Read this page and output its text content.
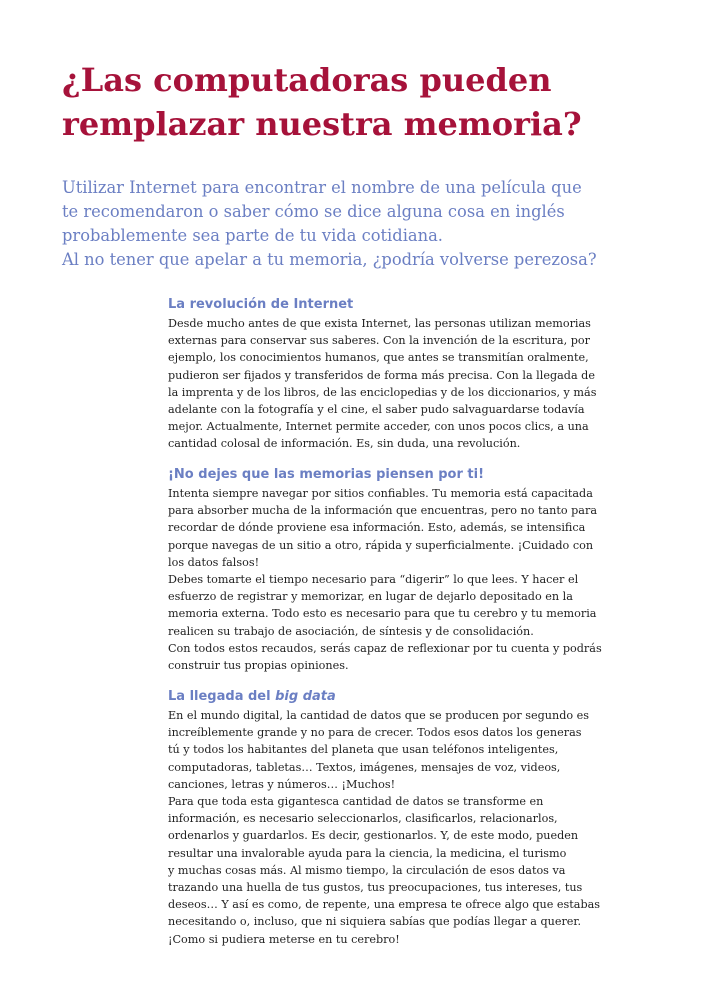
¿Las computadoras pueden
remplazar nuestra memoria?

Utilizar Internet para encontrar el nombre de una película que
te recomendaron o saber cómo se dice alguna cosa en inglés
probablemente sea parte de tu vida cotidiana.
Al no tener que apelar a tu memoria, ¿podría volverse perezosa?

La revolución de Internet
Desde mucho antes de que exista Internet, las personas utilizan memorias
externas para conservar sus saberes. Con la invención de la escritura, por
ejemplo, los conocimientos humanos, que antes se transmitían oralmente,
pudieron ser fijados y transferidos de forma más precisa. Con la llegada de
la imprenta y de los libros, de las enciclopedias y de los diccionarios, y más
adelante con la fotografía y el cine, el saber pudo salvaguardarse todavía
mejor. Actualmente, Internet permite acceder, con unos pocos clics, a una
cantidad colosal de información. Es, sin duda, una revolución.
¡No dejes que las memorias piensen por ti!
Intenta siempre navegar por sitios confiables. Tu memoria está capacitada
para absorber mucha de la información que encuentras, pero no tanto para
recordar de dónde proviene esa información. Esto, además, se intensifica
porque navegas de un sitio a otro, rápida y superficialmente. ¡Cuidado con
los datos falsos!
Debes tomarte el tiempo necesario para “digerir” lo que lees. Y hacer el
esfuerzo de registrar y memorizar, en lugar de dejarlo depositado en la
memoria externa. Todo esto es necesario para que tu cerebro y tu memoria
realicen su trabajo de asociación, de síntesis y de consolidación.
Con todos estos recaudos, serás capaz de reflexionar por tu cuenta y podrás
construir tus propias opiniones.
La llegada del big data
En el mundo digital, la cantidad de datos que se producen por segundo es
increíblemente grande y no para de crecer. Todos esos datos los generas
tú y todos los habitantes del planeta que usan teléfonos inteligentes,
computadoras, tabletas… Textos, imágenes, mensajes de voz, videos,
canciones, letras y números… ¡Muchos!
Para que toda esta gigantesca cantidad de datos se transforme en
información, es necesario seleccionarlos, clasificarlos, relacionarlos,
ordenarlos y guardarlos. Es decir, gestionarlos. Y, de este modo, pueden
resultar una invalorable ayuda para la ciencia, la medicina, el turismo
y muchas cosas más. Al mismo tiempo, la circulación de esos datos va
trazando una huella de tus gustos, tus preocupaciones, tus intereses, tus
deseos… Y así es como, de repente, una empresa te ofrece algo que estabas
necesitando o, incluso, que ni siquiera sabías que podías llegar a querer.
¡Como si pudiera meterse en tu cerebro!
